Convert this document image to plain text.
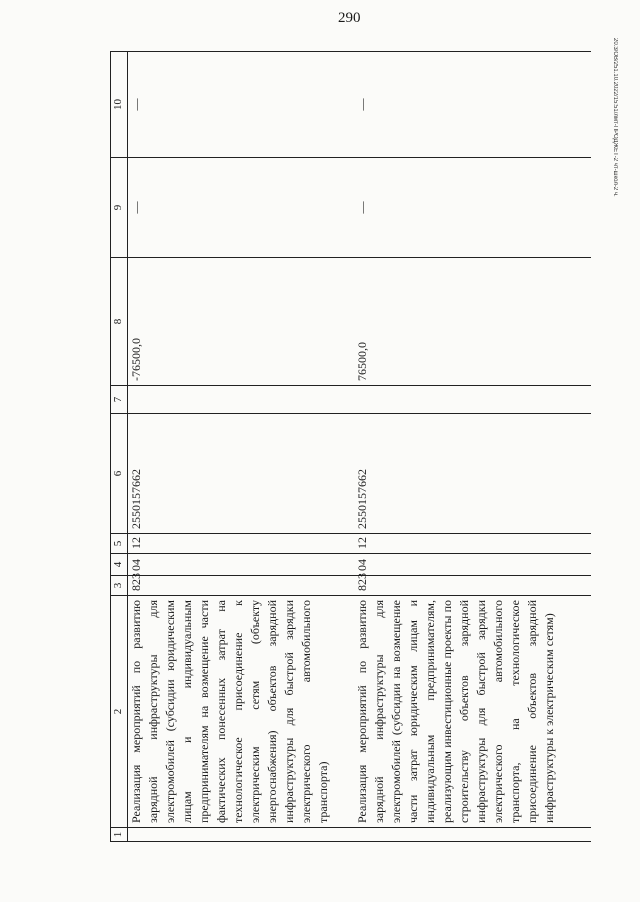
290
20.3/ОВ/251.10.2022/15:51/лмт-ПРОДЖЕТ-2 чт-школ-2 ч.
1	2	3	4	5	6	7	8	9	10
	Реализация мероприятий по развитию зарядной инфраструктуры для электромобилей (субсидии юридическим лицам и индивидуальным предпринимателям на возмещение части фактических понесенных затрат на технологическое присоединение к электрическим сетям (объекту энергоснабжения) объектов зарядной инфраструктуры для быстрой зарядки электрического автомобильного транспорта)	823	04	12	2550157662		-76500,0	—	—
	Реализация мероприятий по развитию зарядной инфраструктуры для электромобилей (субсидии на возмещение части затрат юридическим лицам и индивидуальным предпринимателям, реализующим инвестиционные проекты по строительству объектов зарядной инфраструктуры для быстрой зарядки электрического автомобильного транспорта, на технологическое присоединение объектов зарядной инфраструктуры к электрическим сетям)	823	04	12	2550157662		76500,0	—	—
